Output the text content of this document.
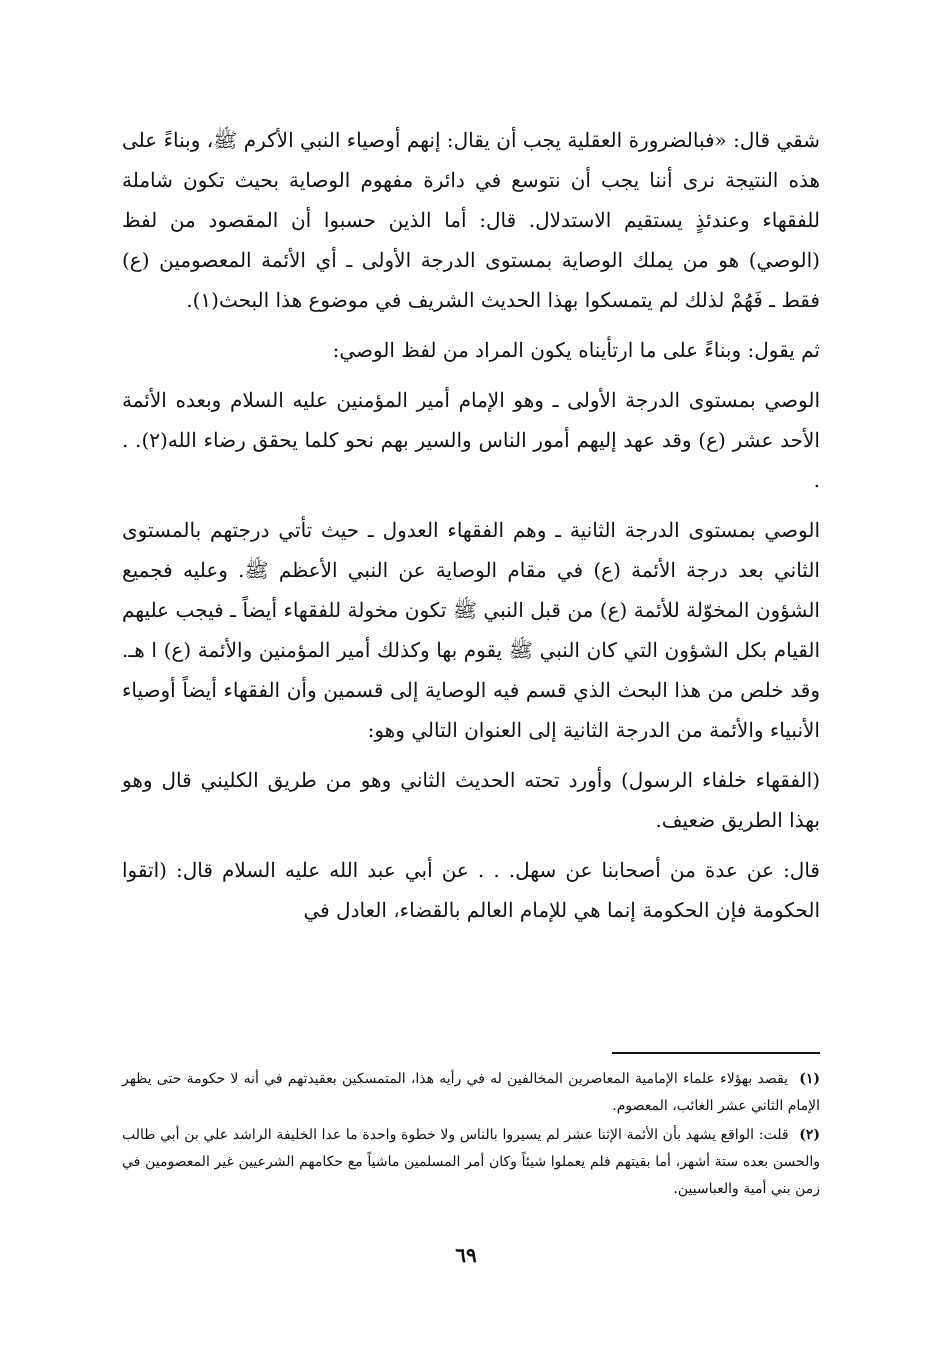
شقي قال: «فبالضرورة العقلية يجب أن يقال: إنهم أوصياء النبي الأكرم ﷺ، وبناءً على هذه النتيجة نرى أننا يجب أن نتوسع في دائرة مفهوم الوصاية بحيث تكون شاملة للفقهاء وعندئذٍ يستقيم الاستدلال. قال: أما الذين حسبوا أن المقصود من لفظ (الوصي) هو من يملك الوصاية بمستوى الدرجة الأولى ـ أي الأئمة المعصومين (ع) فقط ـ فَهُمْ لذلك لم يتمسكوا بهذا الحديث الشريف في موضوع هذا البحث(١).

ثم يقول: وبناءً على ما ارتأيناه يكون المراد من لفظ الوصي:

الوصي بمستوى الدرجة الأولى ـ وهو الإمام أمير المؤمنين عليه السلام وبعده الأئمة الأحد عشر (ع) وقد عهد إليهم أمور الناس والسير بهم نحو كلما يحقق رضاء الله(٢). . .

الوصي بمستوى الدرجة الثانية ـ وهم الفقهاء العدول ـ حيث تأتي درجتهم بالمستوى الثاني بعد درجة الأئمة (ع) في مقام الوصاية عن النبي الأعظم ﷺ. وعليه فجميع الشؤون المخوّلة للأئمة (ع) من قبل النبي ﷺ تكون مخولة للفقهاء أيضاً ـ فيجب عليهم القيام بكل الشؤون التي كان النبي ﷺ يقوم بها وكذلك أمير المؤمنين والأئمة (ع) ا هـ. وقد خلص من هذا البحث الذي قسم فيه الوصاية إلى قسمين وأن الفقهاء أيضاً أوصياء الأنبياء والأئمة من الدرجة الثانية إلى العنوان التالي وهو:

(الفقهاء خلفاء الرسول) وأورد تحته الحديث الثاني وهو من طريق الكليني قال وهو بهذا الطريق ضعيف.

قال: عن عدة من أصحابنا عن سهل. . . عن أبي عبد الله عليه السلام قال: (اتقوا الحكومة فإن الحكومة إنما هي للإمام العالم بالقضاء، العادل في

(١) يقصد بهؤلاء علماء الإمامية المعاصرين المخالفين له في رأيه هذا، المتمسكين بعقيدتهم في أنه لا حكومة حتى يظهر الإمام الثاني عشر الغائب، المعصوم.

(٢) قلت: الواقع يشهد بأن الأئمة الإثنا عشر لم يسيروا بالناس ولا خطوة واحدة ما عدا الخليفة الراشد علي بن أبي طالب والحسن بعده ستة أشهر، أما بقيتهم فلم يعملوا شيئاً وكان أمر المسلمين ماشياً مع حكامهم الشرعيين غير المعصومين في زمن بني أمية والعباسيين.

٦٩
